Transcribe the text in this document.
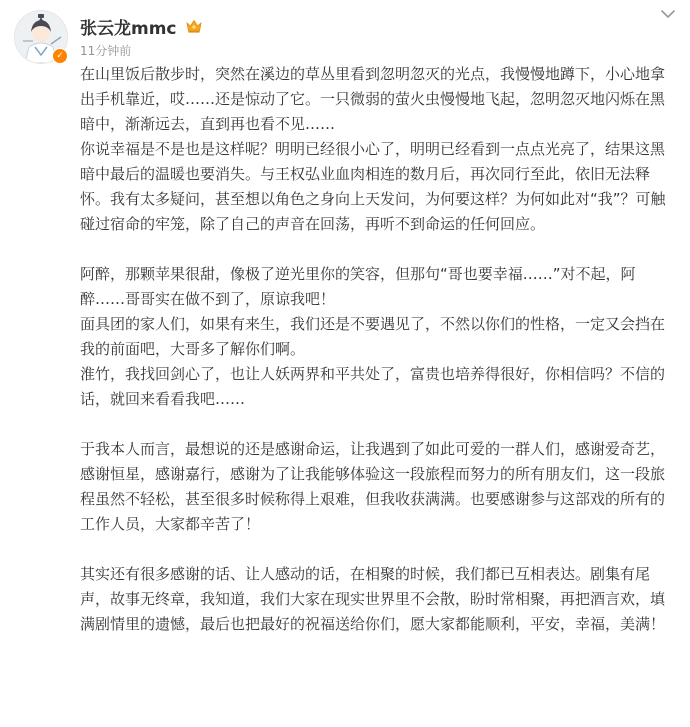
✓
张云龙mmc
11分钟前

在山里饭后散步时，突然在溪边的草丛里看到忽明忽灭的光点，我慢慢地蹲下，小心地拿出手机靠近，哎……还是惊动了它。一只微弱的萤火虫慢慢地飞起，忽明忽灭地闪烁在黑暗中，渐渐远去，直到再也看不见……

你说幸福是不是也是这样呢？明明已经很小心了，明明已经看到一点点光亮了，结果这黑暗中最后的温暖也要消失。与王权弘业血肉相连的数月后，再次同行至此，依旧无法释怀。我有太多疑问，甚至想以角色之身向上天发问，为何要这样？为何如此对“我”？可触碰过宿命的牢笼，除了自己的声音在回荡，再听不到命运的任何回应。

阿醉，那颗苹果很甜，像极了逆光里你的笑容，但那句“哥也要幸福……”对不起，阿醉……哥哥实在做不到了，原谅我吧！

面具团的家人们，如果有来生，我们还是不要遇见了，不然以你们的性格，一定又会挡在我的前面吧，大哥多了解你们啊。

淮竹，我找回剑心了，也让人妖两界和平共处了，富贵也培养得很好，你相信吗？不信的话，就回来看看我吧……

于我本人而言，最想说的还是感谢命运，让我遇到了如此可爱的一群人们，感谢爱奇艺，感谢恒星，感谢嘉行，感谢为了让我能够体验这一段旅程而努力的所有朋友们，这一段旅程虽然不轻松，甚至很多时候称得上艰难，但我收获满满。也要感谢参与这部戏的所有的工作人员，大家都辛苦了！

其实还有很多感谢的话、让人感动的话，在相聚的时候，我们都已互相表达。剧集有尾声，故事无终章，我知道，我们大家在现实世界里不会散，盼时常相聚，再把酒言欢，填满剧情里的遗憾，最后也把最好的祝福送给你们，愿大家都能顺利，平安，幸福，美满！
